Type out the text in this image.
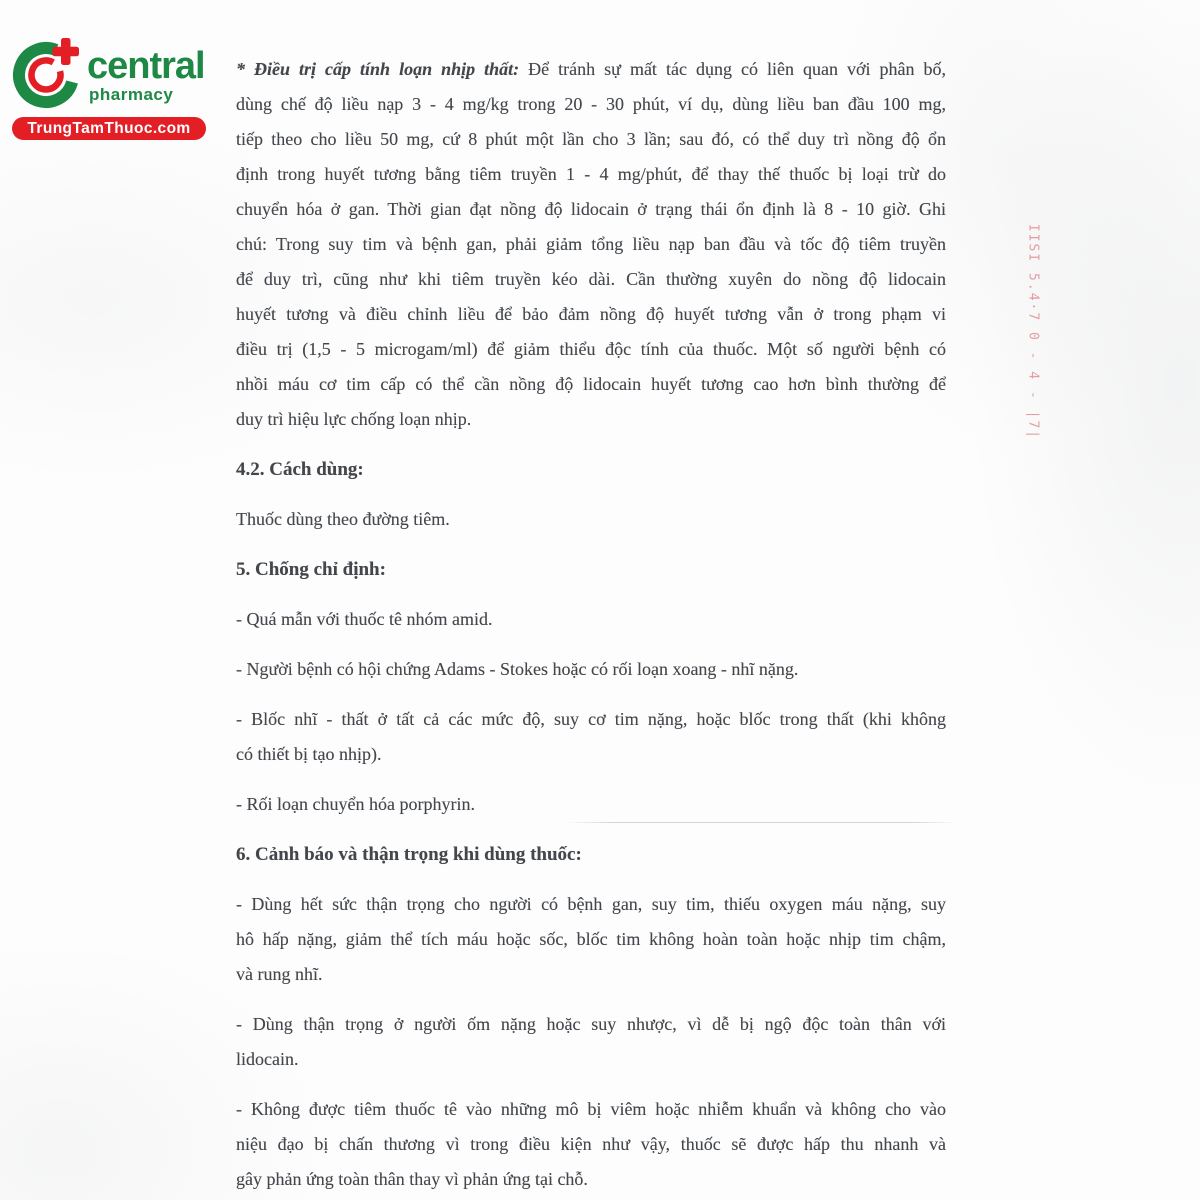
central
pharmacy
TrungTamThuoc.com
* Điều trị cấp tính loạn nhịp thất: Để tránh sự mất tác dụng có liên quan với phân bố,
dùng chế độ liều nạp 3 - 4 mg/kg trong 20 - 30 phút, ví dụ, dùng liều ban đầu 100 mg,
tiếp theo cho liều 50 mg, cứ 8 phút một lần cho 3 lần; sau đó, có thể duy trì nồng độ ổn
định trong huyết tương bằng tiêm truyền 1 - 4 mg/phút, để thay thế thuốc bị loại trừ do
chuyển hóa ở gan. Thời gian đạt nồng độ lidocain ở trạng thái ổn định là 8 - 10 giờ. Ghi
chú: Trong suy tim và bệnh gan, phải giảm tổng liều nạp ban đầu và tốc độ tiêm truyền
để duy trì, cũng như khi tiêm truyền kéo dài. Cần thường xuyên do nồng độ lidocain
huyết tương và điều chỉnh liều để bảo đảm nồng độ huyết tương vẫn ở trong phạm vi
điều trị (1,5 - 5 microgam/ml) để giảm thiểu độc tính của thuốc. Một số người bệnh có
nhồi máu cơ tim cấp có thể cần nồng độ lidocain huyết tương cao hơn bình thường để
duy trì hiệu lực chống loạn nhịp.
4.2. Cách dùng:
Thuốc dùng theo đường tiêm.
5. Chống chỉ định:
- Quá mẫn với thuốc tê nhóm amid.
- Người bệnh có hội chứng Adams - Stokes hoặc có rối loạn xoang - nhĩ nặng.
- Blốc nhĩ - thất ở tất cả các mức độ, suy cơ tim nặng, hoặc blốc trong thất (khi không
có thiết bị tạo nhịp).
- Rối loạn chuyển hóa porphyrin.
6. Cảnh báo và thận trọng khi dùng thuốc:
- Dùng hết sức thận trọng cho người có bệnh gan, suy tim, thiếu oxygen máu nặng, suy
hô hấp nặng, giảm thể tích máu hoặc sốc, blốc tim không hoàn toàn hoặc nhịp tim chậm,
và rung nhĩ.
- Dùng thận trọng ở người ốm nặng hoặc suy nhược, vì dễ bị ngộ độc toàn thân với
lidocain.
- Không được tiêm thuốc tê vào những mô bị viêm hoặc nhiễm khuẩn và không cho vào
niệu đạo bị chấn thương vì trong điều kiện như vậy, thuốc sẽ được hấp thu nhanh và
gây phản ứng toàn thân thay vì phản ứng tại chỗ.
IISI 5.4·7 0 - 4 - |7|
